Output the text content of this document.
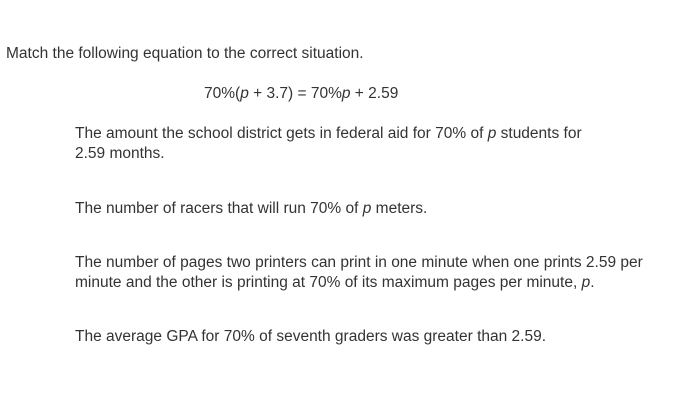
Match the following equation to the correct situation.

70%(p + 3.7) = 70%p + 2.59

The amount the school district gets in federal aid for 70% of p students for 2.59 months.

The number of racers that will run 70% of p meters.

The number of pages two printers can print in one minute when one prints 2.59 per minute and the other is printing at 70% of its maximum pages per minute, p.

The average GPA for 70% of seventh graders was greater than 2.59.
